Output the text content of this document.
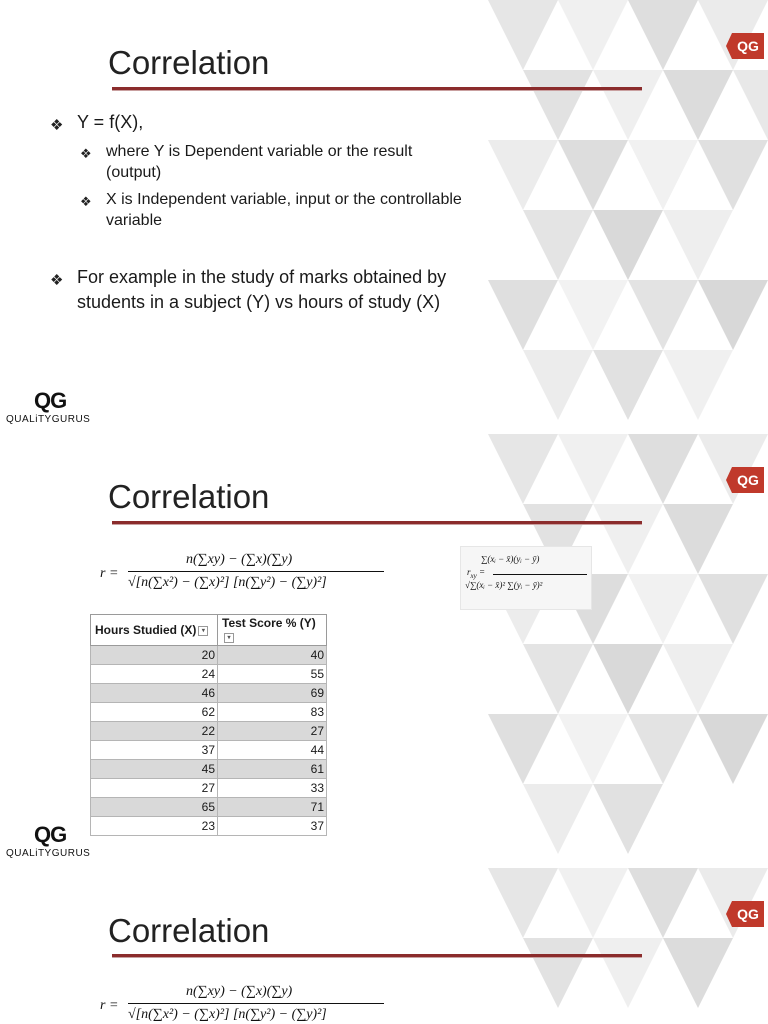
QG
Correlation
❖ Y = f(X),
❖ where Y is Dependent variable or the result (output)
❖ X is Independent variable, input or the controllable variable
❖ For example in the study of marks obtained by students in a subject (Y) vs hours of study (X)
QG
QUALiTYGURUS
QG
Correlation
r =
n(∑xy) − (∑x)(∑y)
√[n(∑x²) − (∑x)²] [n(∑y²) − (∑y)²]
$r_{xy}$ =
∑(xᵢ − x̄)(yᵢ − ȳ)
√∑(xᵢ − x̄)² ∑(yᵢ − ȳ)²
QG
QUALiTYGURUS
Hours Studied (X) ▾	Test Score % (Y)▾
20	40
24	55
46	69
62	83
22	27
37	44
45	61
27	33
65	71
23	37
QG
Correlation
r =
n(∑xy) − (∑x)(∑y)
√[n(∑x²) − (∑x)²] [n(∑y²) − (∑y)²]
